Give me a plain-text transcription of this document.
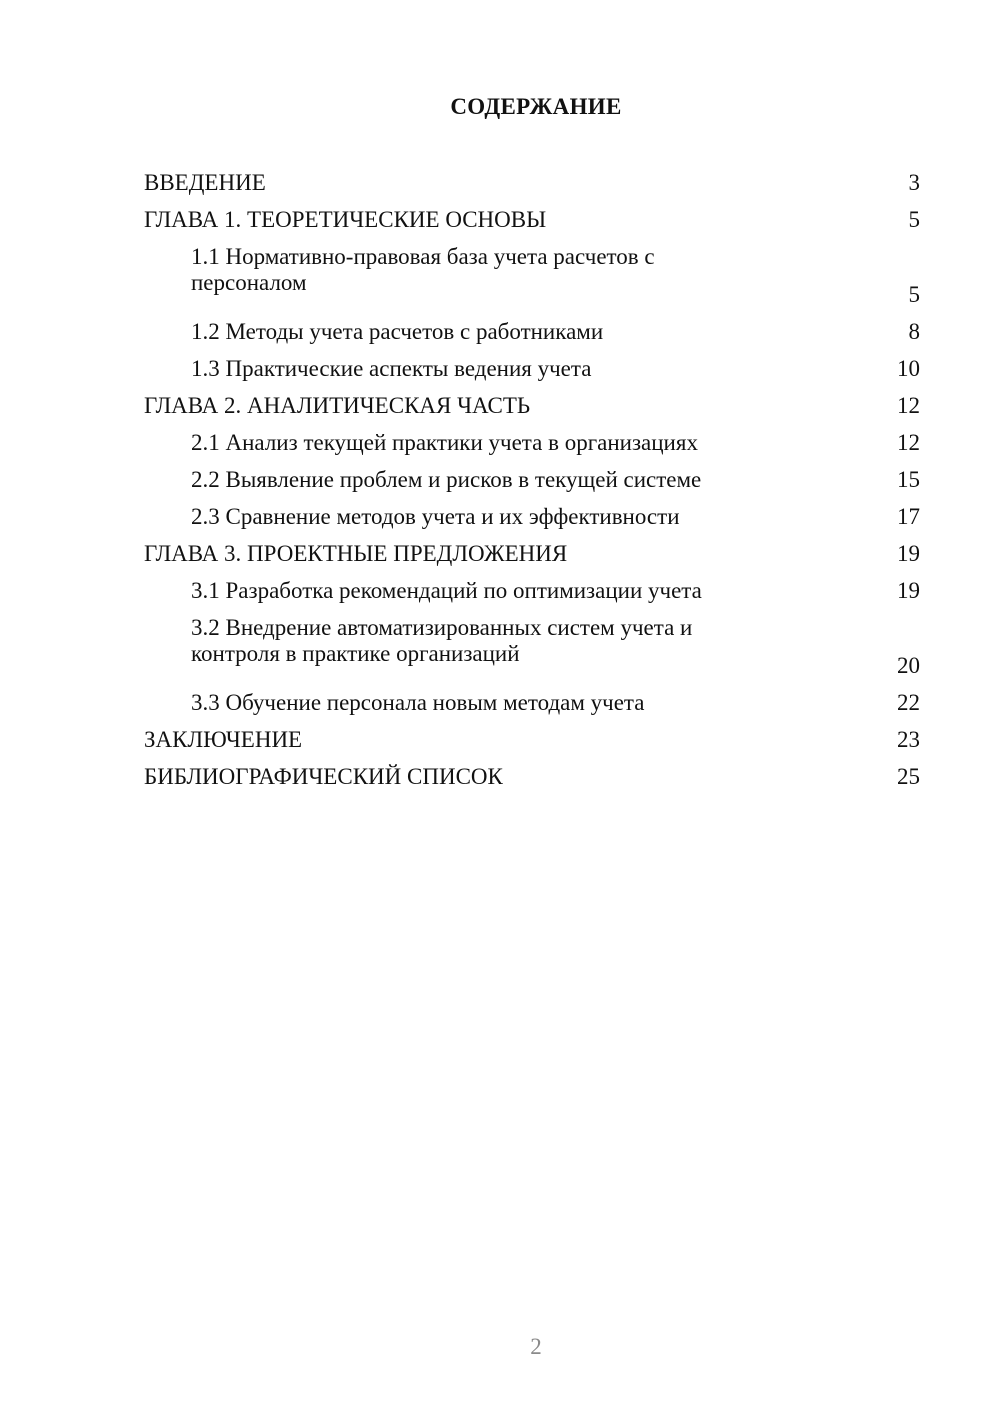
СОДЕРЖАНИЕ
ВВЕДЕНИЕ	3
ГЛАВА 1. ТЕОРЕТИЧЕСКИЕ ОСНОВЫ	5
1.1 Нормативно-правовая база учета расчетов с персоналом	5
1.2 Методы учета расчетов с работниками	8
1.3 Практические аспекты ведения учета	10
ГЛАВА 2. АНАЛИТИЧЕСКАЯ ЧАСТЬ	12
2.1 Анализ текущей практики учета в организациях	12
2.2 Выявление проблем и рисков в текущей системе	15
2.3 Сравнение методов учета и их эффективности	17
ГЛАВА 3. ПРОЕКТНЫЕ ПРЕДЛОЖЕНИЯ	19
3.1 Разработка рекомендаций по оптимизации учета	19
3.2 Внедрение автоматизированных систем учета и контроля в практике организаций	20
3.3 Обучение персонала новым методам учета	22
ЗАКЛЮЧЕНИЕ	23
БИБЛИОГРАФИЧЕСКИЙ СПИСОК	25
2
